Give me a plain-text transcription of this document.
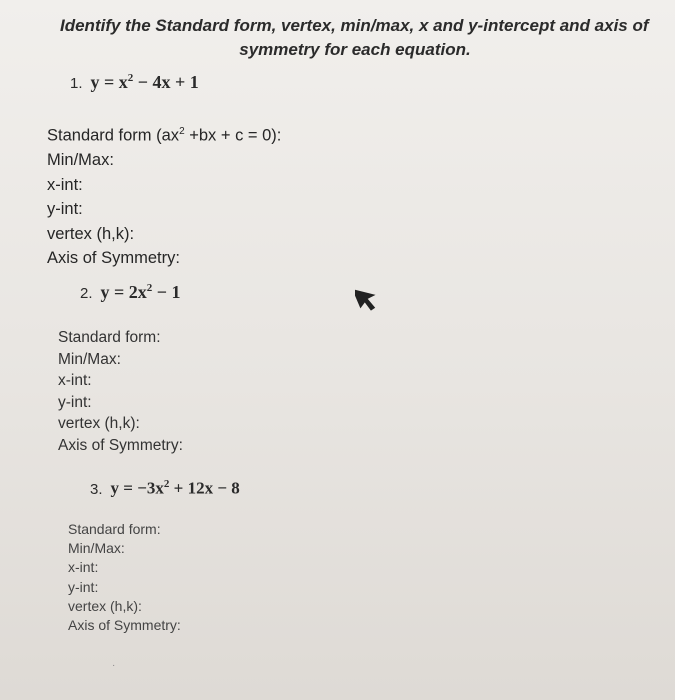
Identify the Standard form, vertex, min/max, x and y-intercept and axis of
symmetry for each equation.
1. $y = x^2 - 4x + 1$
Standard form $(ax^2 +bx + c = 0)$:
Min/Max:
x-int:
y-int:
vertex (h,k):
Axis of Symmetry:
2. $y = 2x^2 - 1$
Standard form:
Min/Max:
x-int:
y-int:
vertex (h,k):
Axis of Symmetry:
3. $y = -3x^2 + 12x - 8$
Standard form:
Min/Max:
x-int:
y-int:
vertex (h,k):
Axis of Symmetry:
·
